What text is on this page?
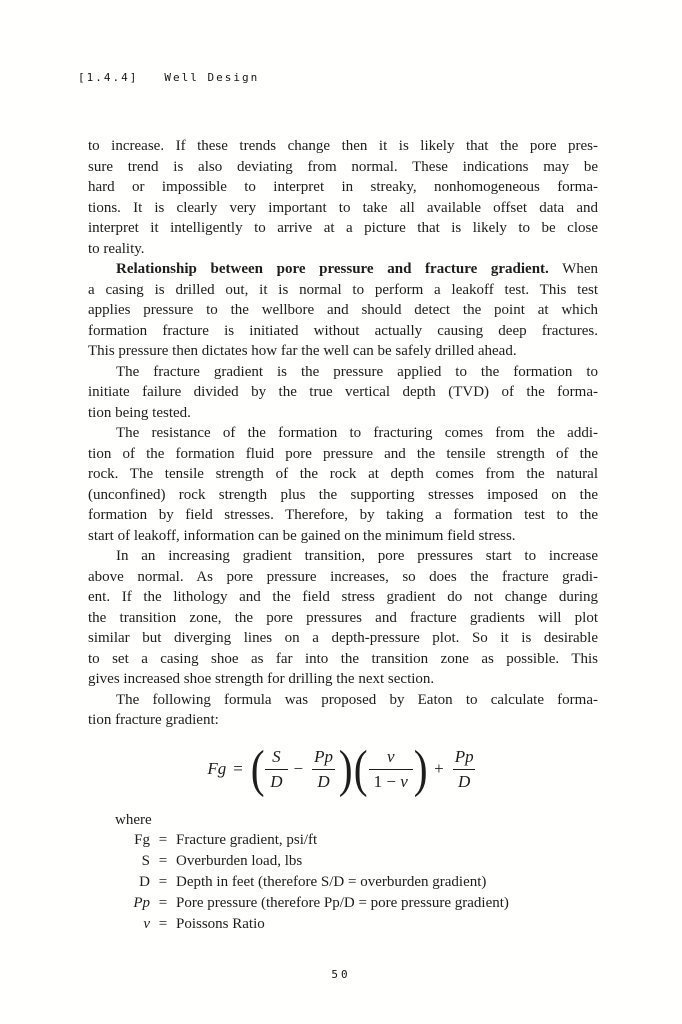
[1.4.4] Well Design
to increase. If these trends change then it is likely that the pore pres-
sure trend is also deviating from normal. These indications may be
hard or impossible to interpret in streaky, nonhomogeneous forma-
tions. It is clearly very important to take all available offset data and
interpret it intelligently to arrive at a picture that is likely to be close
to reality.
Relationship between pore pressure and fracture gradient. When
a casing is drilled out, it is normal to perform a leakoff test. This test
applies pressure to the wellbore and should detect the point at which
formation fracture is initiated without actually causing deep fractures.
This pressure then dictates how far the well can be safely drilled ahead.
The fracture gradient is the pressure applied to the formation to
initiate failure divided by the true vertical depth (TVD) of the forma-
tion being tested.
The resistance of the formation to fracturing comes from the addi-
tion of the formation fluid pore pressure and the tensile strength of the
rock. The tensile strength of the rock at depth comes from the natural
(unconfined) rock strength plus the supporting stresses imposed on the
formation by field stresses. Therefore, by taking a formation test to the
start of leakoff, information can be gained on the minimum field stress.
In an increasing gradient transition, pore pressures start to increase
above normal. As pore pressure increases, so does the fracture gradi-
ent. If the lithology and the field stress gradient do not change during
the transition zone, the pore pressures and fracture gradients will plot
similar but diverging lines on a depth-pressure plot. So it is desirable
to set a casing shoe as far into the transition zone as possible. This
gives increased shoe strength for drilling the next section.
The following formula was proposed by Eaton to calculate forma-
tion fracture gradient:
Fg = ( $\frac{S}{D} - \frac{Pp}{D}$ ) ( $\frac{v}{1 - v}$ ) + $\frac{Pp}{D}$
where
Fg = Fracture gradient, psi/ft
S = Overburden load, lbs
D = Depth in feet (therefore S/D = overburden gradient)
Pp = Pore pressure (therefore Pp/D = pore pressure gradient)
v = Poissons Ratio
50
